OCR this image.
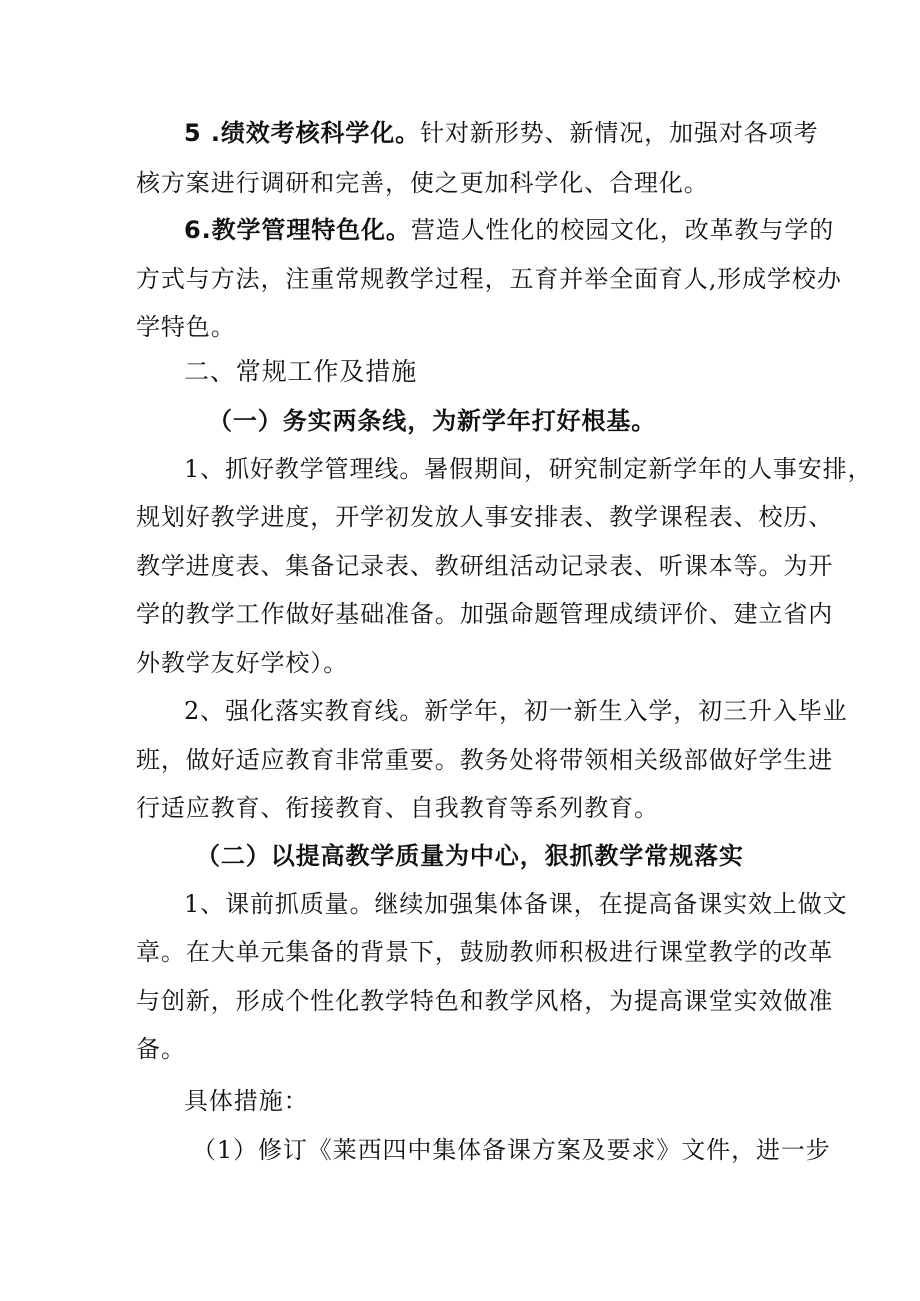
5 .绩效考核科学化。针对新形势、新情况，加强对各项考
核方案进行调研和完善，使之更加科学化、合理化。
6.教学管理特色化。营造人性化的校园文化，改革教与学的
方式与方法，注重常规教学过程，五育并举全面育人,形成学校办
学特色。
二、常规工作及措施
（一）务实两条线，为新学年打好根基。
1、抓好教学管理线。暑假期间，研究制定新学年的人事安排，
规划好教学进度，开学初发放人事安排表、教学课程表、校历、
教学进度表、集备记录表、教研组活动记录表、听课本等。为开
学的教学工作做好基础准备。加强命题管理成绩评价、建立省内
外教学友好学校）。
2、强化落实教育线。新学年，初一新生入学，初三升入毕业
班，做好适应教育非常重要。教务处将带领相关级部做好学生进
行适应教育、衔接教育、自我教育等系列教育。
（二）以提高教学质量为中心，狠抓教学常规落实
1、课前抓质量。继续加强集体备课，在提高备课实效上做文
章。在大单元集备的背景下，鼓励教师积极进行课堂教学的改革
与创新，形成个性化教学特色和教学风格，为提高课堂实效做准
备。
具体措施：
（1）修订《莱西四中集体备课方案及要求》文件，进一步
